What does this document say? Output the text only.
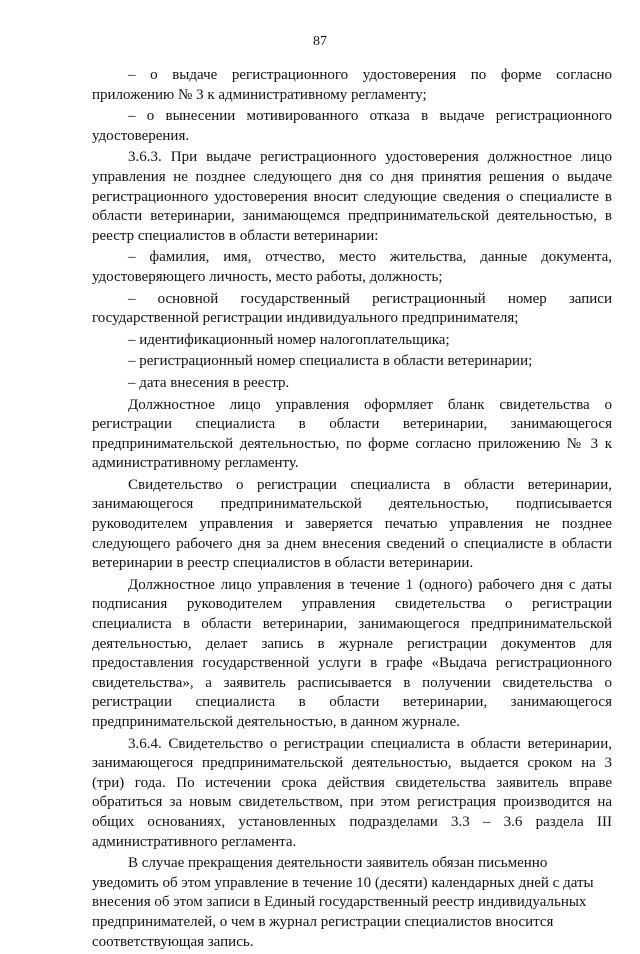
87

– о выдаче регистрационного удостоверения по форме согласно приложению № 3 к административному регламенту;

– о вынесении мотивированного отказа в выдаче регистрационного удостоверения.

3.6.3. При выдаче регистрационного удостоверения должностное лицо управления не позднее следующего дня со дня принятия решения о выдаче регистрационного удостоверения вносит следующие сведения о специалисте в области ветеринарии, занимающемся предпринимательской деятельностью, в реестр специалистов в области ветеринарии:

– фамилия, имя, отчество, место жительства, данные документа, удостоверяющего личность, место работы, должность;

– основной государственный регистрационный номер записи государственной регистрации индивидуального предпринимателя;

– идентификационный номер налогоплательщика;

– регистрационный номер специалиста в области ветеринарии;

– дата внесения в реестр.

Должностное лицо управления оформляет бланк свидетельства о регистрации специалиста в области ветеринарии, занимающегося предпринимательской деятельностью, по форме согласно приложению № 3 к административному регламенту.

Свидетельство о регистрации специалиста в области ветеринарии, занимающегося предпринимательской деятельностью, подписывается руководителем управления и заверяется печатью управления не позднее следующего рабочего дня за днем внесения сведений о специалисте в области ветеринарии в реестр специалистов в области ветеринарии.

Должностное лицо управления в течение 1 (одного) рабочего дня с даты подписания руководителем управления свидетельства о регистрации специалиста в области ветеринарии, занимающегося предпринимательской деятельностью, делает запись в журнале регистрации документов для предоставления государственной услуги в графе «Выдача регистрационного свидетельства», а заявитель расписывается в получении свидетельства о регистрации специалиста в области ветеринарии, занимающегося предпринимательской деятельностью, в данном журнале.

3.6.4. Свидетельство о регистрации специалиста в области ветеринарии, занимающегося предпринимательской деятельностью, выдается сроком на 3 (три) года. По истечении срока действия свидетельства заявитель вправе обратиться за новым свидетельством, при этом регистрация производится на общих основаниях, установленных подразделами 3.3 – 3.6 раздела III административного регламента.

В случае прекращения деятельности заявитель обязан письменно уведомить об этом управление в течение 10 (десяти) календарных дней с даты внесения об этом записи в Единый государственный реестр индивидуальных предпринимателей, о чем в журнал регистрации специалистов вносится соответствующая запись.
